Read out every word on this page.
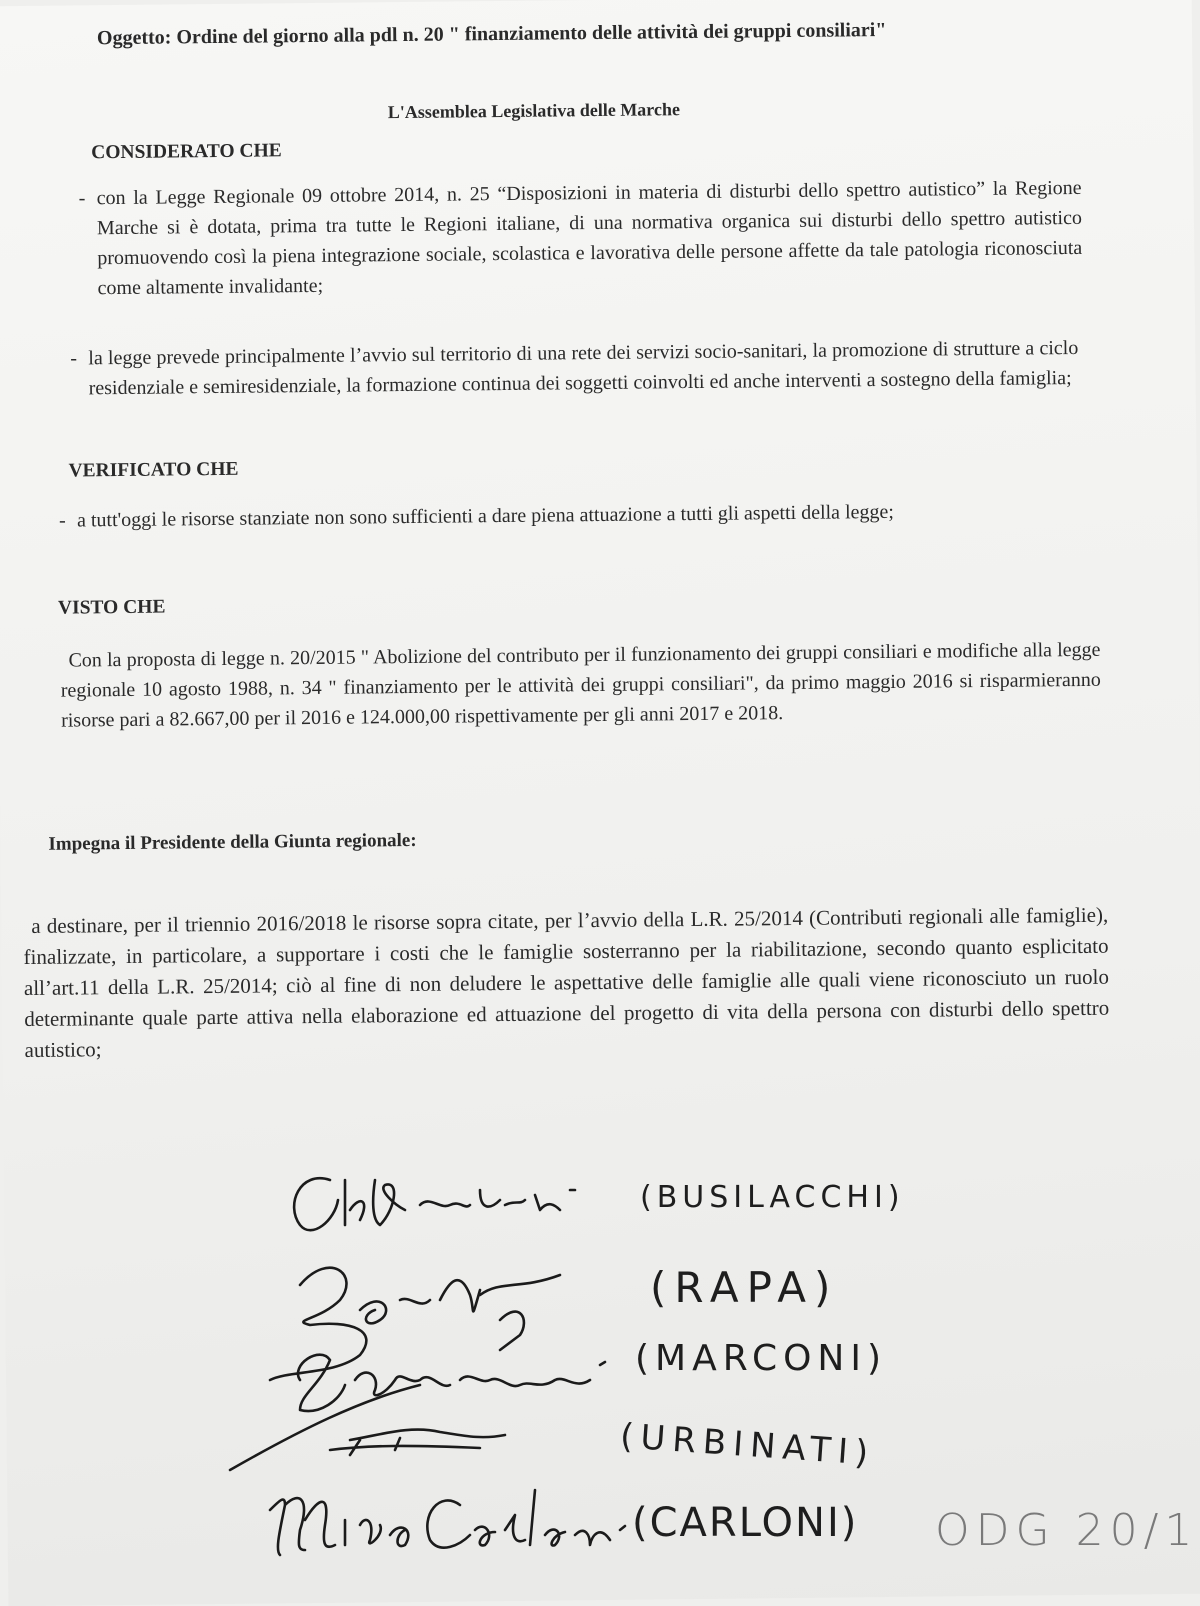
Oggetto: Ordine del giorno alla pdl n. 20 " finanziamento delle attività dei gruppi consiliari"
L'Assemblea Legislativa delle Marche
CONSIDERATO CHE
- con la Legge Regionale 09 ottobre 2014, n. 25 “Disposizioni in materia di disturbi dello spettro autistico” la Regione Marche si è dotata, prima tra tutte le Regioni italiane, di una normativa organica sui disturbi dello spettro autistico promuovendo così la piena integrazione sociale, scolastica e lavorativa delle persone affette da tale patologia riconosciuta come altamente invalidante;
- la legge prevede principalmente l’avvio sul territorio di una rete dei servizi socio-sanitari, la promozione di strutture a ciclo residenziale e semiresidenziale, la formazione continua dei soggetti coinvolti ed anche interventi a sostegno della famiglia;
VERIFICATO CHE
- a tutt'oggi le risorse stanziate non sono sufficienti a dare piena attuazione a tutti gli aspetti della legge;
VISTO CHE
Con la proposta di legge n. 20/2015 " Abolizione del contributo per il funzionamento dei gruppi consiliari e modifiche alla legge regionale 10 agosto 1988, n. 34 " finanziamento per le attività dei gruppi consiliari", da primo maggio 2016 si risparmieranno risorse pari a 82.667,00 per il 2016 e 124.000,00 rispettivamente per gli anni 2017 e 2018.
Impegna il Presidente della Giunta regionale:
a destinare, per il triennio 2016/2018 le risorse sopra citate, per l’avvio della L.R. 25/2014 (Contributi regionali alle famiglie), finalizzate, in particolare, a supportare i costi che le famiglie sosterranno per la riabilitazione, secondo quanto esplicitato all’art.11 della L.R. 25/2014; ciò al fine di non deludere le aspettative delle famiglie alle quali viene riconosciuto un ruolo determinante quale parte attiva nella elaborazione ed attuazione del progetto di vita della persona con disturbi dello spettro autistico;
(BUSILACCHI)
(RAPA)
(MARCONI)
(URBINATI)
(CARLONI) ODG 20/1
